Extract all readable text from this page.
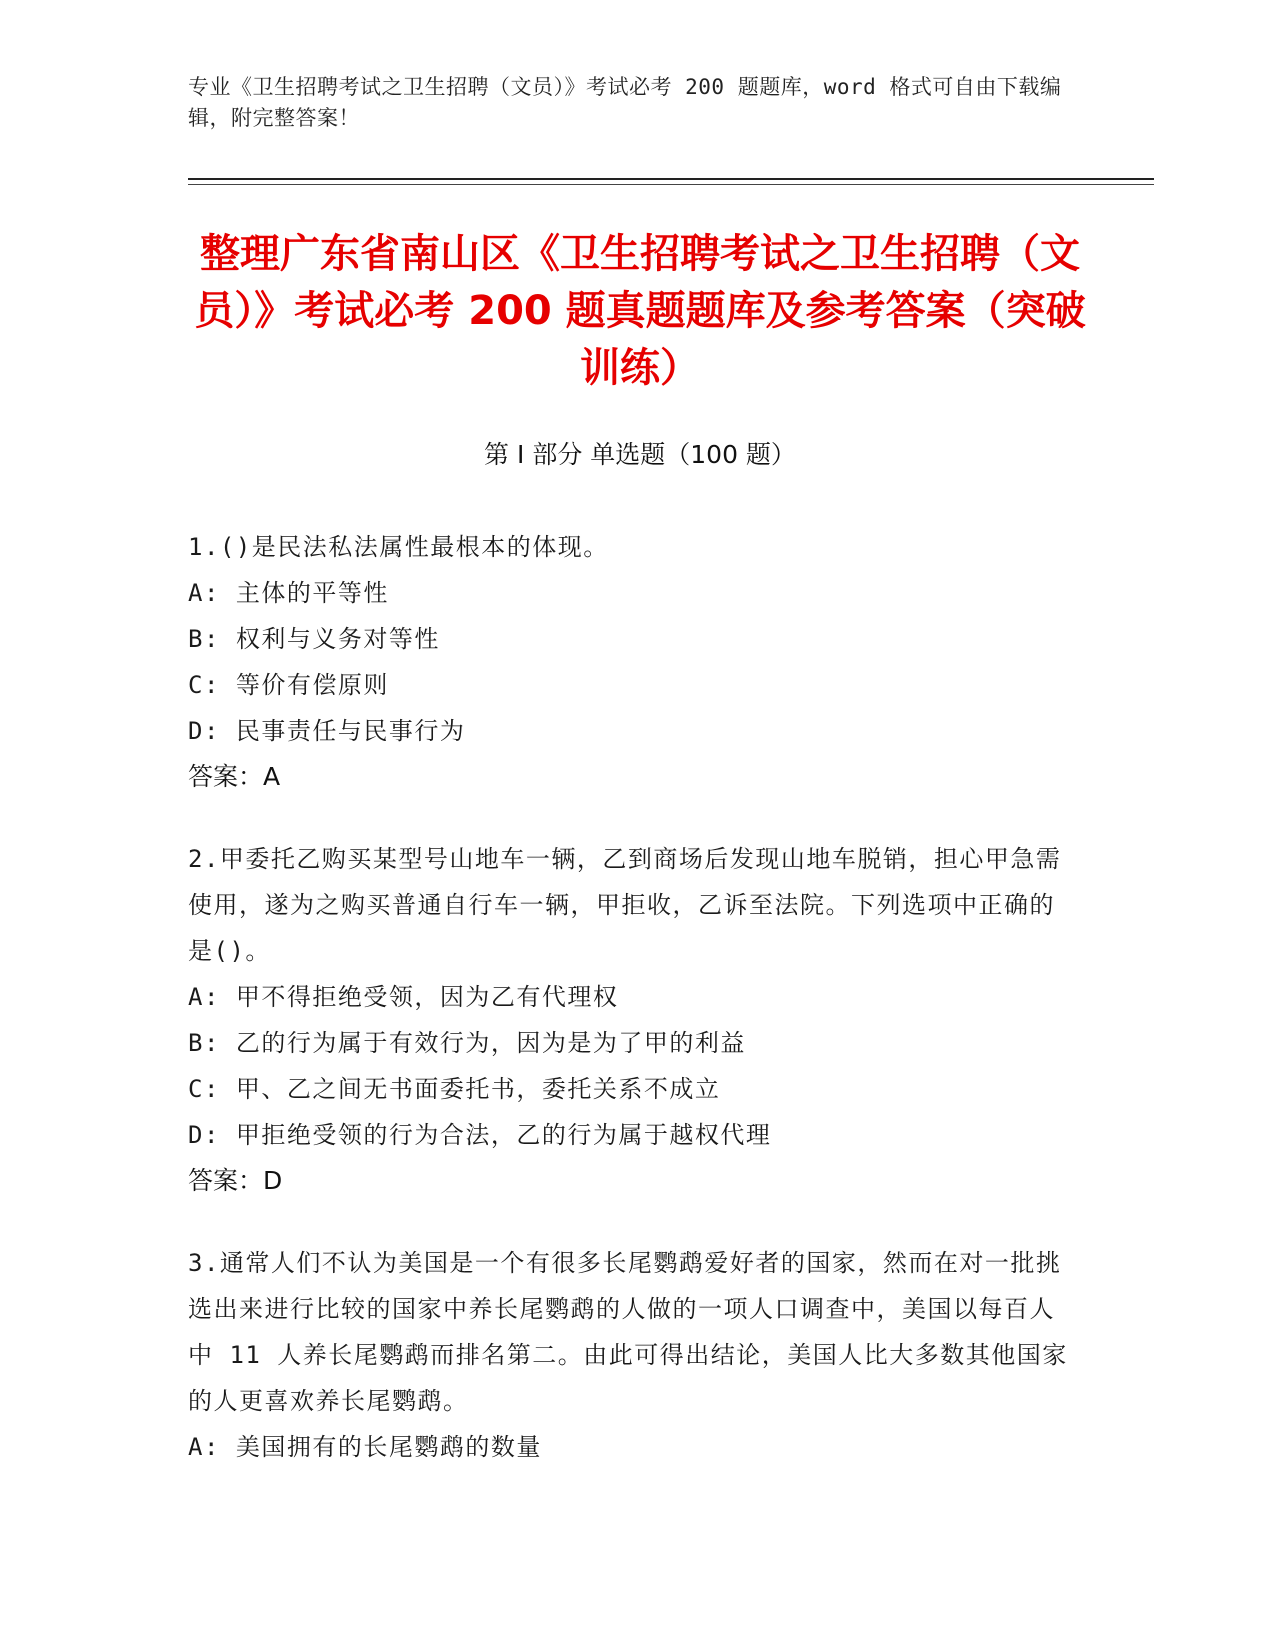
专业《卫生招聘考试之卫生招聘（文员）》考试必考 200 题题库，word 格式可自由下载编辑，附完整答案！
整理广东省南山区《卫生招聘考试之卫生招聘（文员）》考试必考 200 题真题题库及参考答案（突破训练）
第 I 部分 单选题（100 题）
1.()是民法私法属性最根本的体现。
A: 主体的平等性
B: 权利与义务对等性
C: 等价有偿原则
D: 民事责任与民事行为
答案：A
2.甲委托乙购买某型号山地车一辆，乙到商场后发现山地车脱销，担心甲急需使用，遂为之购买普通自行车一辆，甲拒收，乙诉至法院。下列选项中正确的是()。
A: 甲不得拒绝受领，因为乙有代理权
B: 乙的行为属于有效行为，因为是为了甲的利益
C: 甲、乙之间无书面委托书，委托关系不成立
D: 甲拒绝受领的行为合法，乙的行为属于越权代理
答案：D
3.通常人们不认为美国是一个有很多长尾鹦鹉爱好者的国家，然而在对一批挑选出来进行比较的国家中养长尾鹦鹉的人做的一项人口调查中，美国以每百人中 11 人养长尾鹦鹉而排名第二。由此可得出结论，美国人比大多数其他国家的人更喜欢养长尾鹦鹉。
A: 美国拥有的长尾鹦鹉的数量
